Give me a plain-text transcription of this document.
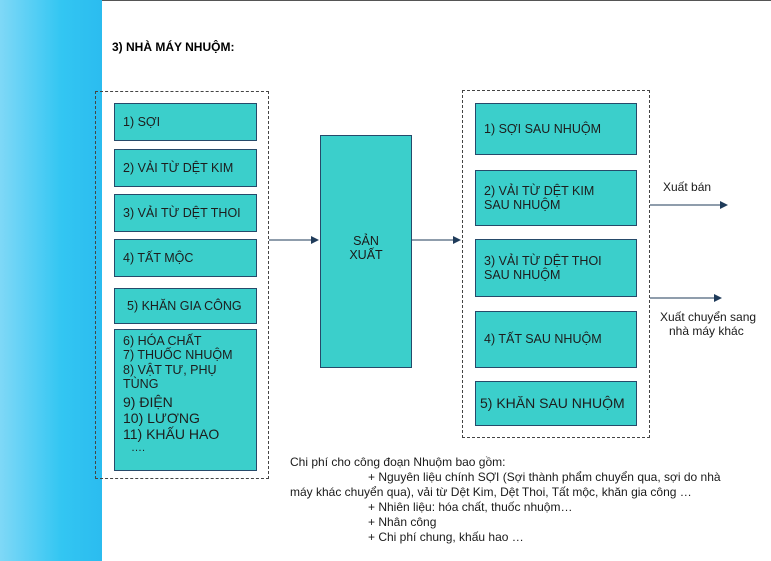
3) NHÀ MÁY NHUỘM:
1) SỢI
2) VẢI TỪ DỆT KIM
3) VẢI TỪ DỆT THOI
4) TẤT MỘC
5) KHĂN GIA CÔNG
6) HÓA CHẤT
7) THUỐC NHUỘM
8) VẬT TƯ, PHỤ
TÙNG
9) ĐIỆN
10) LƯƠNG
11) KHẤU HAO
….
SẢN
XUẤT
1) SỢI SAU NHUỘM
2) VẢI TỪ DỆT KIM
SAU NHUỘM
3) VẢI TỪ DỆT THOI
SAU NHUỘM
4) TẤT SAU NHUỘM
5) KHĂN SAU NHUỘM
Xuất bán
Xuất chuyển sang
nhà máy khác
Chi phí cho công đoạn Nhuộm bao gồm:
+ Nguyên liệu chính SỢI (Sợi thành phẩm chuyển qua, sợi do nhà
máy khác chuyển qua), vải từ Dệt Kim, Dệt Thoi, Tất mộc, khăn gia công …
+ Nhiên liệu: hóa chất, thuốc nhuộm…
+ Nhân công
+ Chi phí chung, khấu hao …
